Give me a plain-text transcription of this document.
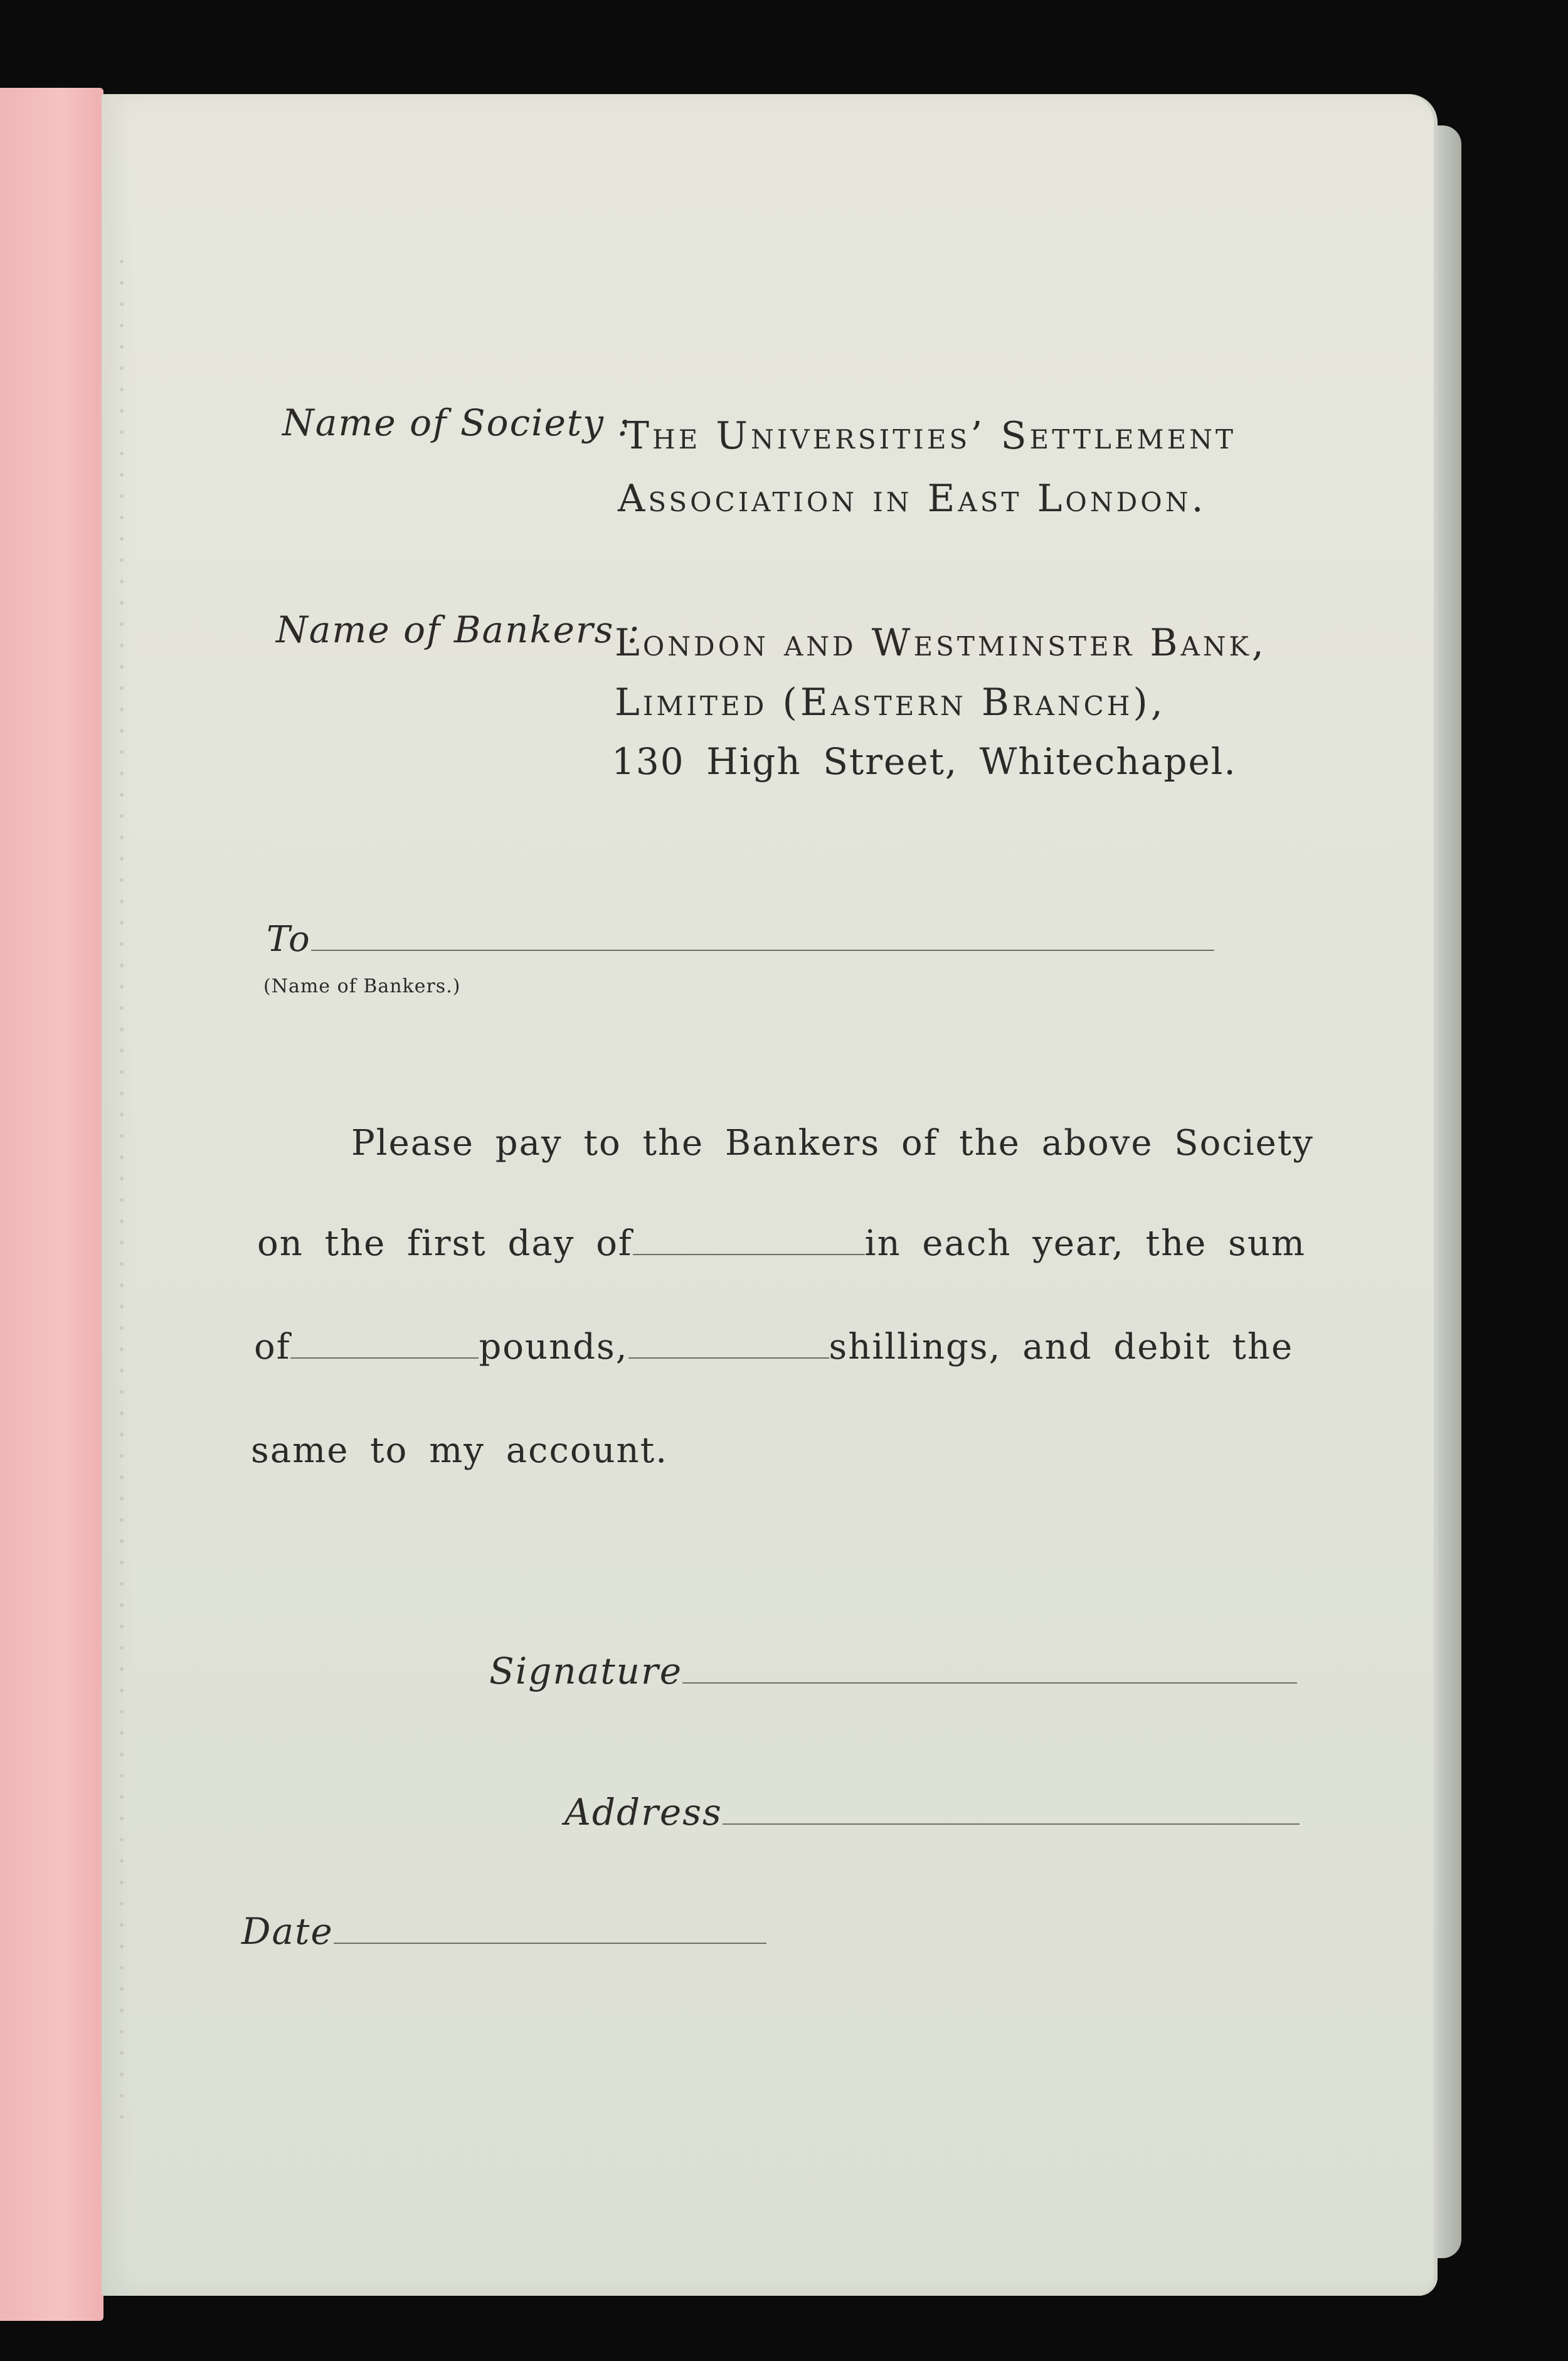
Name of Society :
The Universities’ Settlement
Association in East London.
Name of Bankers :
London and Westminster Bank,
Limited (Eastern Branch),
130 High Street, Whitechapel.
To
(Name of Bankers.)
Please pay to the Bankers of the above Society
on the first day of	in each year, the sum
of	pounds,	shillings, and debit the
same to my account.
Signature
Address
Date
